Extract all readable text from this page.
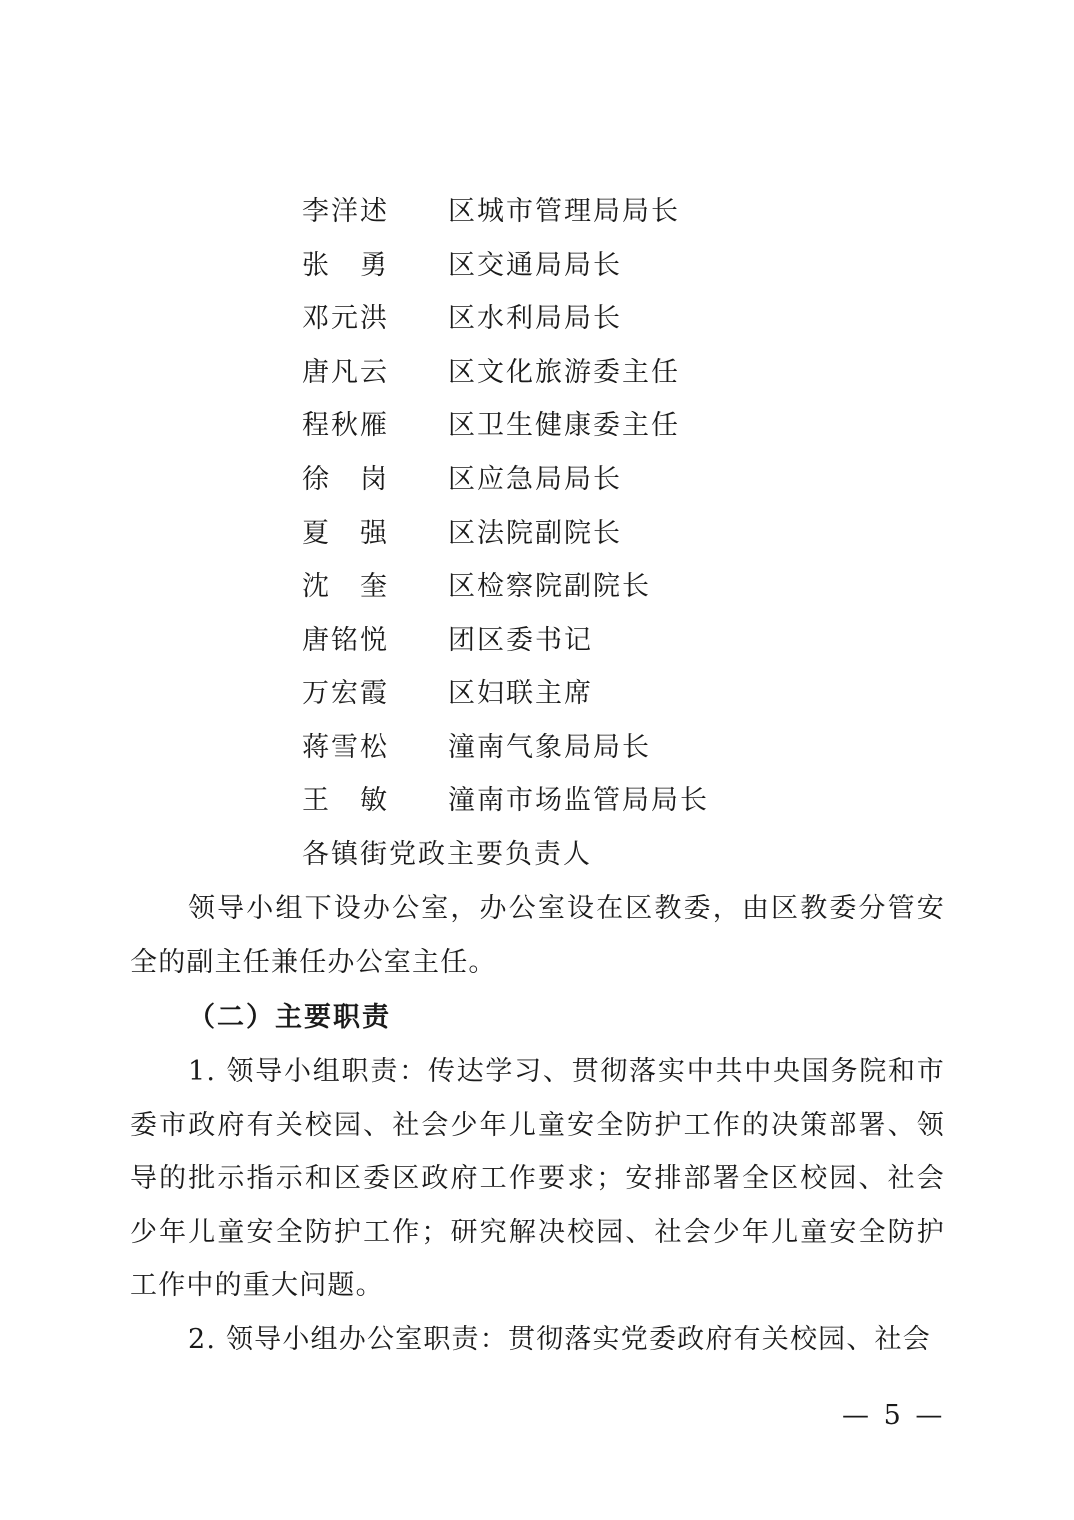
李洋述 区城市管理局局长
张　勇 区交通局局长
邓元洪 区水利局局长
唐凡云 区文化旅游委主任
程秋雁 区卫生健康委主任
徐　岗 区应急局局长
夏　强 区法院副院长
沈　奎 区检察院副院长
唐铭悦 团区委书记
万宏霞 区妇联主席
蒋雪松 潼南气象局局长
王　敏 潼南市场监管局局长
各镇街党政主要负责人

领导小组下设办公室，办公室设在区教委，由区教委分管安全的副主任兼任办公室主任。

（二）主要职责

1. 领导小组职责：传达学习、贯彻落实中共中央国务院和市委市政府有关校园、社会少年儿童安全防护工作的决策部署、领导的批示指示和区委区政府工作要求；安排部署全区校园、社会少年儿童安全防护工作；研究解决校园、社会少年儿童安全防护工作中的重大问题。

2. 领导小组办公室职责：贯彻落实党委政府有关校园、社会

— 5 —
